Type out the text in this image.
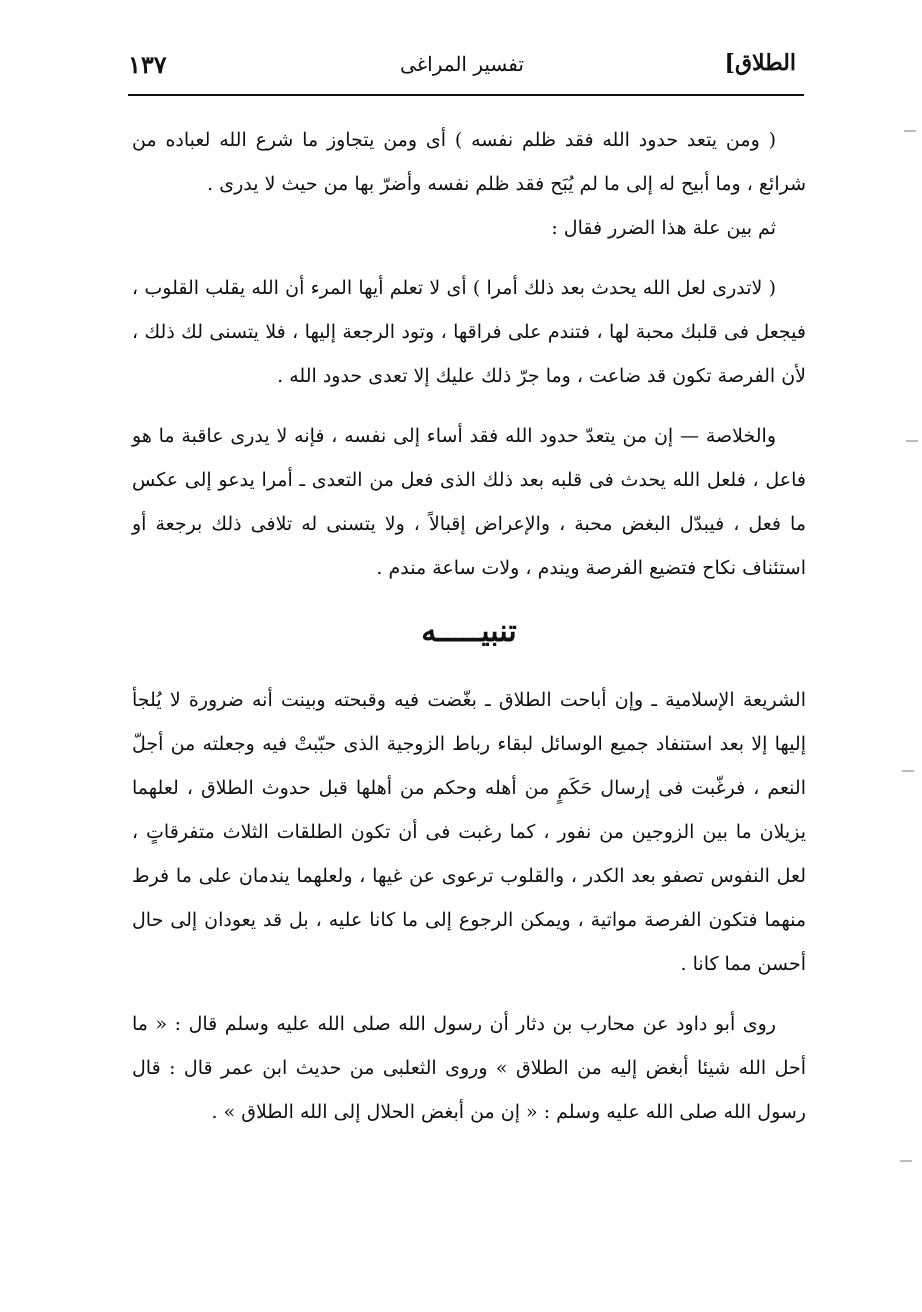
الطلاق]
تفسير المراغى
١٣٧

( ومن يتعد حدود الله فقد ظلم نفسه ) أى ومن يتجاوز ما شرع الله لعباده من شرائع ، وما أبيح له إلى ما لم يُبَح فقد ظلم نفسه وأضرّ بها من حيث لا يدرى .

ثم بين علة هذا الضرر فقال :

( لاتدرى لعل الله يحدث بعد ذلك أمرا ) أى لا تعلم أيها المرء أن الله يقلب القلوب ، فيجعل فى قلبك محبة لها ، فتندم على فراقها ، وتود الرجعة إليها ، فلا يتسنى لك ذلك ، لأن الفرصة تكون قد ضاعت ، وما جرّ ذلك عليك إلا تعدى حدود الله .

والخلاصة — إن من يتعدّ حدود الله فقد أساء إلى نفسه ، فإنه لا يدرى عاقبة ما هو فاعل ، فلعل الله يحدث فى قلبه بعد ذلك الذى فعل من التعدى ـ أمرا يدعو إلى عكس ما فعل ، فيبدّل البغض محبة ، والإعراض إقبالاً ، ولا يتسنى له تلافى ذلك برجعة أو استئناف نكاح فتضيع الفرصة ويندم ، ولات ساعة مندم .

تنبيـــــه

الشريعة الإسلامية ـ وإن أباحت الطلاق ـ بغّضت فيه وقبحته وبينت أنه ضرورة لا يُلجأ إليها إلا بعد استنفاد جميع الوسائل لبقاء رباط الزوجية الذى حبّبتْ فيه وجعلته من أجلّ النعم ، فرغّبت فى إرسال حَكَمٍ من أهله وحكم من أهلها قبل حدوث الطلاق ، لعلهما يزيلان ما بين الزوجين من نفور ، كما رغبت فى أن تكون الطلقات الثلاث متفرقاتٍ ، لعل النفوس تصفو بعد الكدر ، والقلوب ترعوى عن غيها ، ولعلهما يندمان على ما فرط منهما فتكون الفرصة مواتية ، ويمكن الرجوع إلى ما كانا عليه ، بل قد يعودان إلى حال أحسن مما كانا .

روى أبو داود عن محارب بن دثار أن رسول الله صلى الله عليه وسلم قال : « ما أحل الله شيئا أبغض إليه من الطلاق » وروى الثعلبى من حديث ابن عمر قال : قال رسول الله صلى الله عليه وسلم : « إن من أبغض الحلال إلى الله الطلاق » .
